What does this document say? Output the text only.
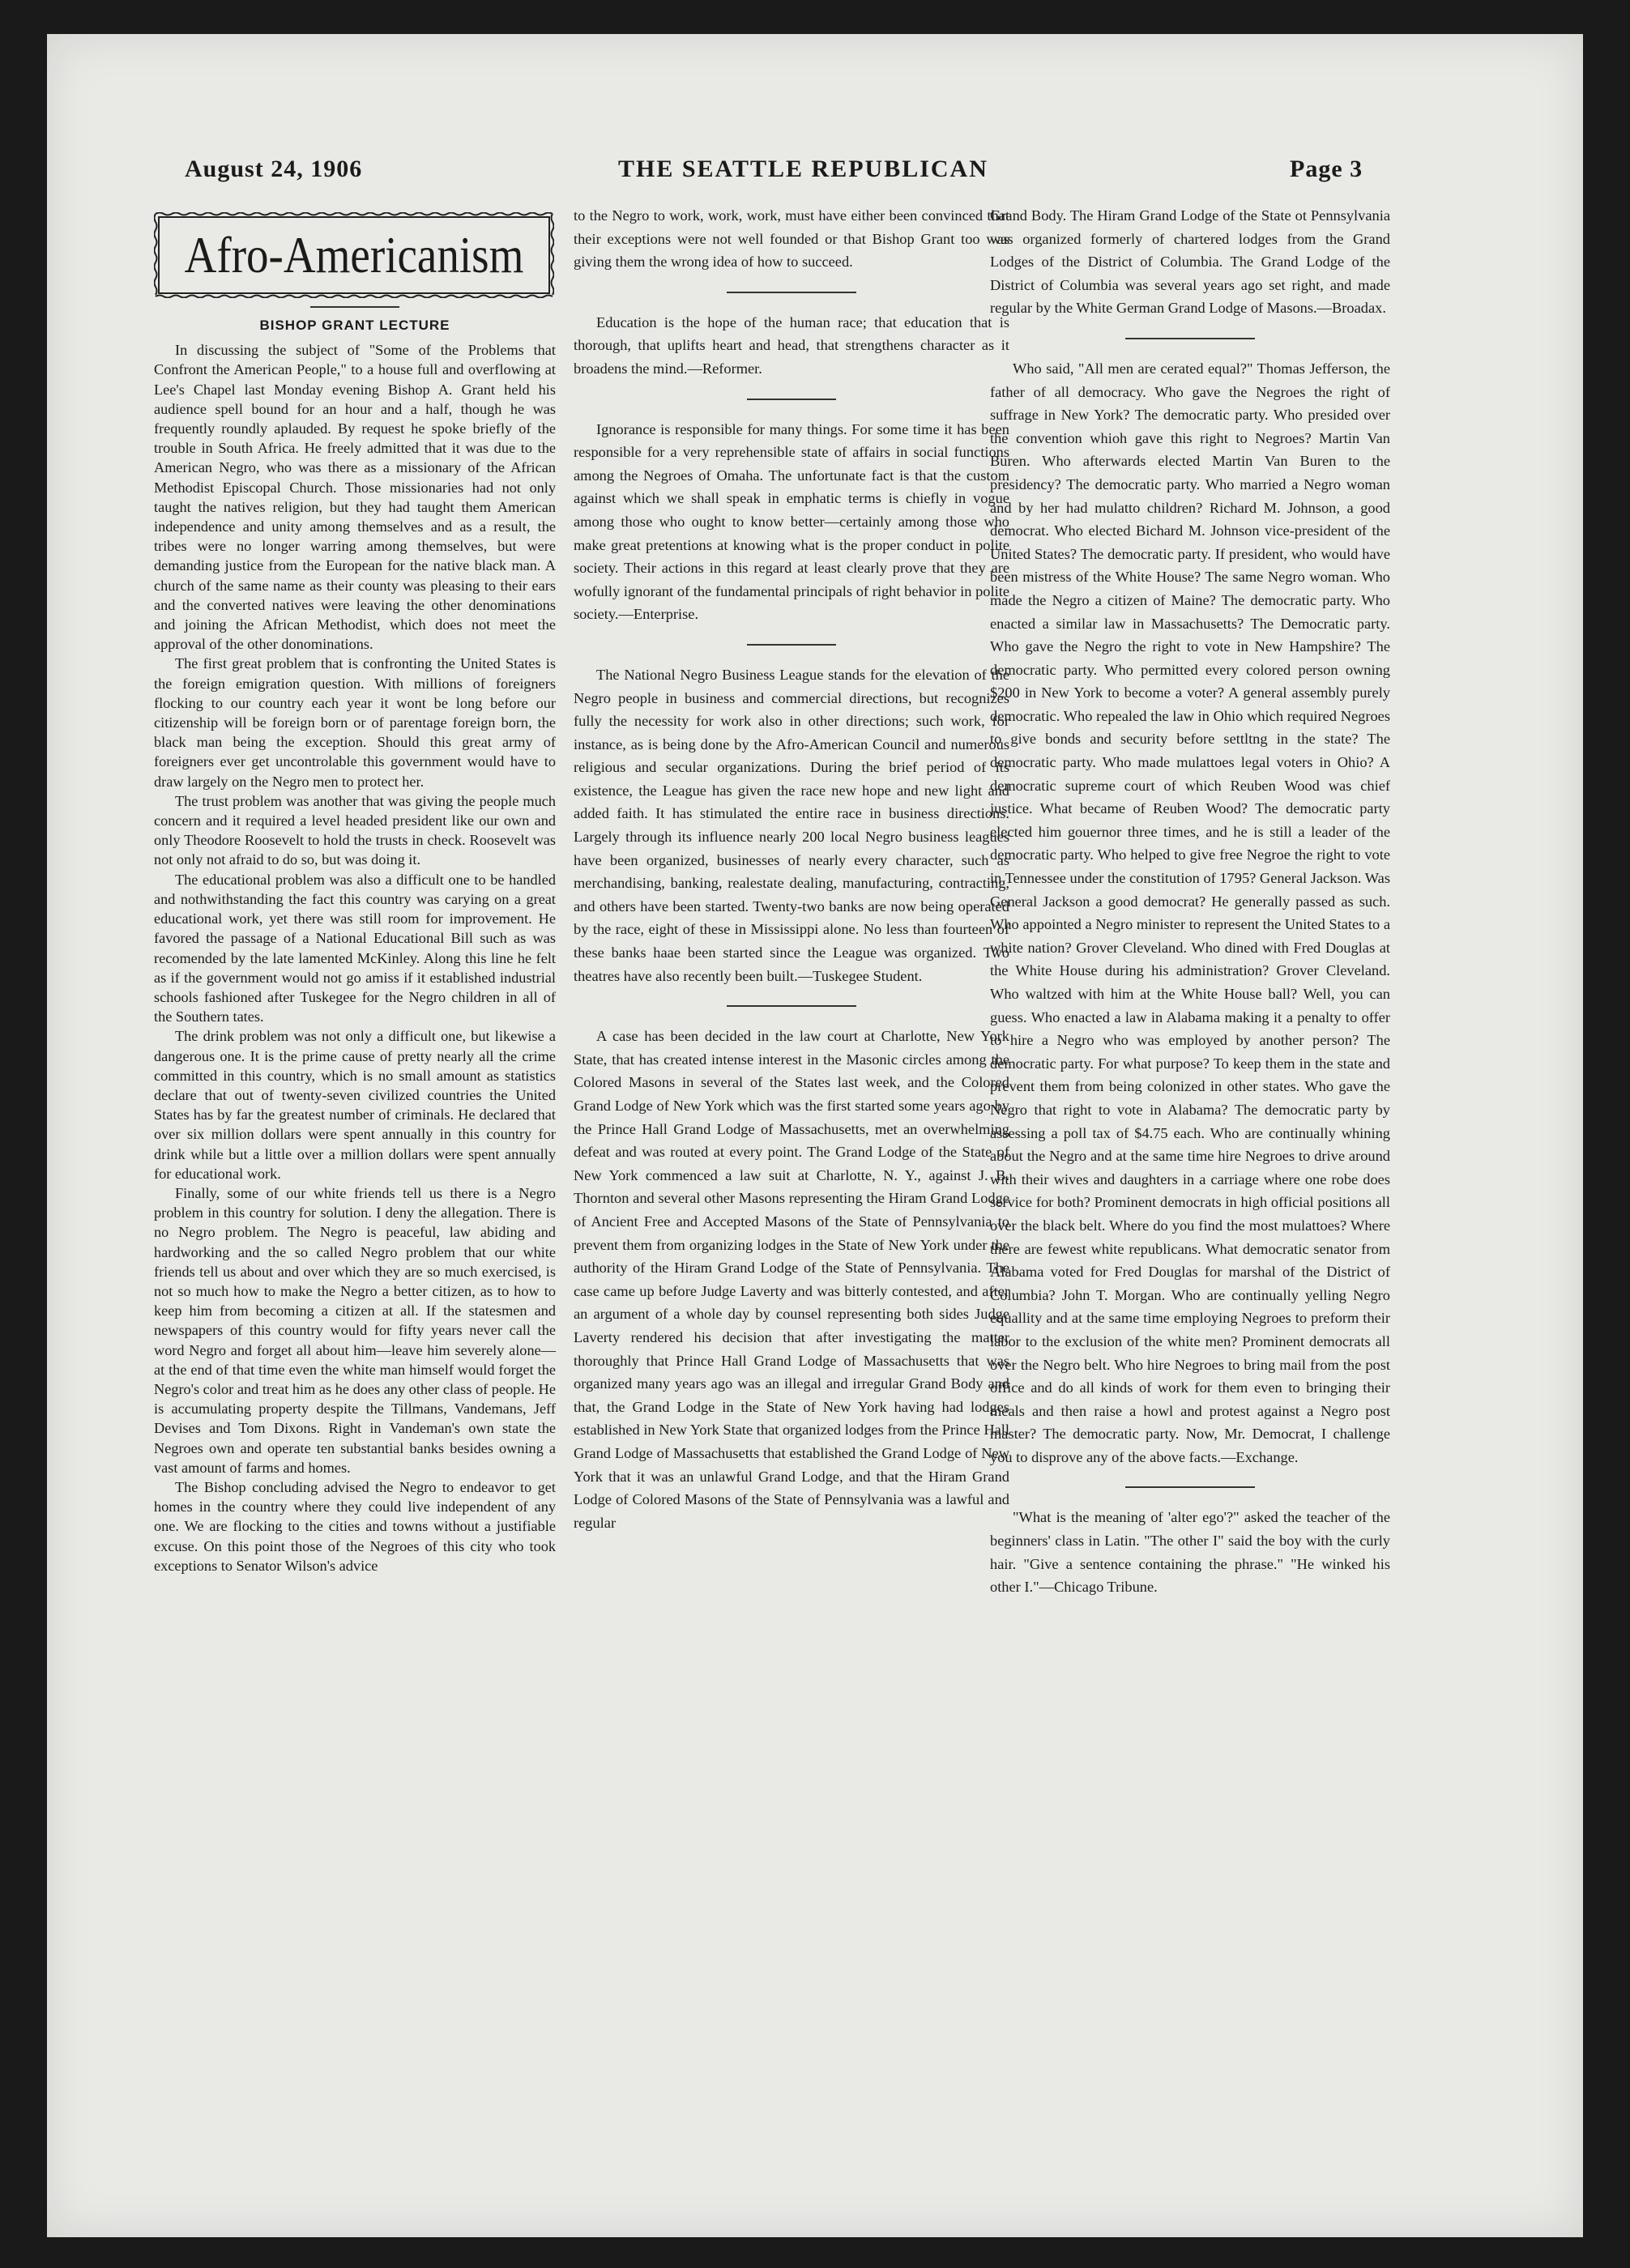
August 24, 1906	THE SEATTLE REPUBLICAN	Page 3
Afro-Americanism
BISHOP GRANT LECTURE

In discussing the subject of "Some of the Problems that Confront the American People," to a house full and overflowing at Lee's Chapel last Monday evening Bishop A. Grant held his audience spell bound for an hour and a half, though he was frequently roundly aplauded. By request he spoke briefly of the trouble in South Africa. He freely admitted that it was due to the American Negro, who was there as a missionary of the African Methodist Episcopal Church. Those missionaries had not only taught the natives religion, but they had taught them American independence and unity among themselves and as a result, the tribes were no longer warring among themselves, but were demanding justice from the European for the native black man. A church of the same name as their county was pleasing to their ears and the converted natives were leaving the other denominations and joining the African Methodist, which does not meet the approval of the other donominations.

The first great problem that is confronting the United States is the foreign emigration question. With millions of foreigners flocking to our country each year it wont be long before our citizenship will be foreign born or of parentage foreign born, the black man being the exception. Should this great army of foreigners ever get uncontrolable this government would have to draw largely on the Negro men to protect her.

The trust problem was another that was giving the people much concern and it required a level headed president like our own and only Theodore Roosevelt to hold the trusts in check. Roosevelt was not only not afraid to do so, but was doing it.

The educational problem was also a difficult one to be handled and nothwithstanding the fact this country was carying on a great educational work, yet there was still room for improvement. He favored the passage of a National Educational Bill such as was recomended by the late lamented McKinley. Along this line he felt as if the government would not go amiss if it established industrial schools fashioned after Tuskegee for the Negro children in all of the Southern tates.

The drink problem was not only a difficult one, but likewise a dangerous one. It is the prime cause of pretty nearly all the crime committed in this country, which is no small amount as statistics declare that out of twenty-seven civilized countries the United States has by far the greatest number of criminals. He declared that over six million dollars were spent annually in this country for drink while but a little over a million dollars were spent annually for educational work.

Finally, some of our white friends tell us there is a Negro problem in this country for solution. I deny the allegation. There is no Negro problem. The Negro is peaceful, law abiding and hardworking and the so called Negro problem that our white friends tell us about and over which they are so much exercised, is not so much how to make the Negro a better citizen, as to how to keep him from becoming a citizen at all. If the statesmen and newspapers of this country would for fifty years never call the word Negro and forget all about him—leave him severely alone—at the end of that time even the white man himself would forget the Negro's color and treat him as he does any other class of people. He is accumulating property despite the Tillmans, Vandemans, Jeff Devises and Tom Dixons. Right in Vandeman's own state the Negroes own and operate ten substantial banks besides owning a vast amount of farms and homes.

The Bishop concluding advised the Negro to endeavor to get homes in the country where they could live independent of any one. We are flocking to the cities and towns without a justifiable excuse. On this point those of the Negroes of this city who took exceptions to Senator Wilson's advice

to the Negro to work, work, work, must have either been convinced that their exceptions were not well founded or that Bishop Grant too was giving them the wrong idea of how to succeed.

Education is the hope of the human race; that education that is thorough, that uplifts heart and head, that strengthens character as it broadens the mind.—Reformer.

Ignorance is responsible for many things. For some time it has been responsible for a very reprehensible state of affairs in social functions among the Negroes of Omaha. The unfortunate fact is that the custom against which we shall speak in emphatic terms is chiefly in vogue among those who ought to know better—certainly among those who make great pretentions at knowing what is the proper conduct in polite society. Their actions in this regard at least clearly prove that they are wofully ignorant of the fundamental principals of right behavior in polite society.—Enterprise.

The National Negro Business League stands for the elevation of the Negro people in business and commercial directions, but recognizes fully the necessity for work also in other directions; such work, for instance, as is being done by the Afro-American Council and numerous religious and secular organizations. During the brief period of its existence, the League has given the race new hope and new light and added faith. It has stimulated the entire race in business directions. Largely through its influence nearly 200 local Negro business leagues have been organized, businesses of nearly every character, such as merchandising, banking, realestate dealing, manufacturing, contracting, and others have been started. Twenty-two banks are now being operated by the race, eight of these in Mississippi alone. No less than fourteen of these banks haae been started since the League was organized. Two theatres have also recently been built.—Tuskegee Student.

A case has been decided in the law court at Charlotte, New York State, that has created intense interest in the Masonic circles among the Colored Masons in several of the States last week, and the Colored Grand Lodge of New York which was the first started some years ago by the Prince Hall Grand Lodge of Massachusetts, met an overwhelming defeat and was routed at every point. The Grand Lodge of the State of New York commenced a law suit at Charlotte, N. Y., against J. B. Thornton and several other Masons representing the Hiram Grand Lodge of Ancient Free and Accepted Masons of the State of Pennsylvania to prevent them from organizing lodges in the State of New York under the authority of the Hiram Grand Lodge of the State of Pennsylvania. The case came up before Judge Laverty and was bitterly contested, and after an argument of a whole day by counsel representing both sides Judge Laverty rendered his decision that after investigating the matter thoroughly that Prince Hall Grand Lodge of Massachusetts that was organized many years ago was an illegal and irregular Grand Body and that, the Grand Lodge in the State of New York having had lodges established in New York State that organized lodges from the Prince Hall Grand Lodge of Massachusetts that established the Grand Lodge of New York that it was an unlawful Grand Lodge, and that the Hiram Grand Lodge of Colored Masons of the State of Pennsylvania was a lawful and regular

Grand Body. The Hiram Grand Lodge of the State ot Pennsylvania was organized formerly of chartered lodges from the Grand Lodges of the District of Columbia. The Grand Lodge of the District of Columbia was several years ago set right, and made regular by the White German Grand Lodge of Masons.—Broadax.

Who said, "All men are cerated equal?" Thomas Jefferson, the father of all democracy. Who gave the Negroes the right of suffrage in New York? The democratic party. Who presided over the convention whioh gave this right to Negroes? Martin Van Buren. Who afterwards elected Martin Van Buren to the presidency? The democratic party. Who married a Negro woman and by her had mulatto children? Richard M. Johnson, a good democrat. Who elected Bichard M. Johnson vice-president of the United States? The democratic party. If president, who would have been mistress of the White House? The same Negro woman. Who made the Negro a citizen of Maine? The democratic party. Who enacted a similar law in Massachusetts? The Democratic party. Who gave the Negro the right to vote in New Hampshire? The democratic party. Who permitted every colored person owning $200 in New York to become a voter? A general assembly purely democratic. Who repealed the law in Ohio which required Negroes to give bonds and security before settltng in the state? The democratic party. Who made mulattoes legal voters in Ohio? A democratic supreme court of which Reuben Wood was chief justice. What became of Reuben Wood? The democratic party elected him gouernor three times, and he is still a leader of the democratic party. Who helped to give free Negroe the right to vote in Tennessee under the constitution of 1795? General Jackson. Was General Jackson a good democrat? He generally passed as such. Who appointed a Negro minister to represent the United States to a white nation? Grover Cleveland. Who dined with Fred Douglas at the White House during his administration? Grover Cleveland. Who waltzed with him at the White House ball? Well, you can guess. Who enacted a law in Alabama making it a penalty to offer to hire a Negro who was employed by another person? The democratic party. For what purpose? To keep them in the state and prevent them from being colonized in other states. Who gave the Negro that right to vote in Alabama? The democratic party by assessing a poll tax of $4.75 each. Who are continually whining about the Negro and at the same time hire Negroes to drive around with their wives and daughters in a carriage where one robe does service for both? Prominent democrats in high official positions all over the black belt. Where do you find the most mulattoes? Where there are fewest white republicans. What democratic senator from Alabama voted for Fred Douglas for marshal of the District of Columbia? John T. Morgan. Who are continually yelling Negro equallity and at the same time employing Negroes to preform their labor to the exclusion of the white men? Prominent democrats all over the Negro belt. Who hire Negroes to bring mail from the post office and do all kinds of work for them even to bringing their meals and then raise a howl and protest against a Negro post master? The democratic party. Now, Mr. Democrat, I challenge you to disprove any of the above facts.—Exchange.

"What is the meaning of 'alter ego'?" asked the teacher of the beginners' class in Latin. "The other I" said the boy with the curly hair. "Give a sentence containing the phrase." "He winked his other I."—Chicago Tribune.
